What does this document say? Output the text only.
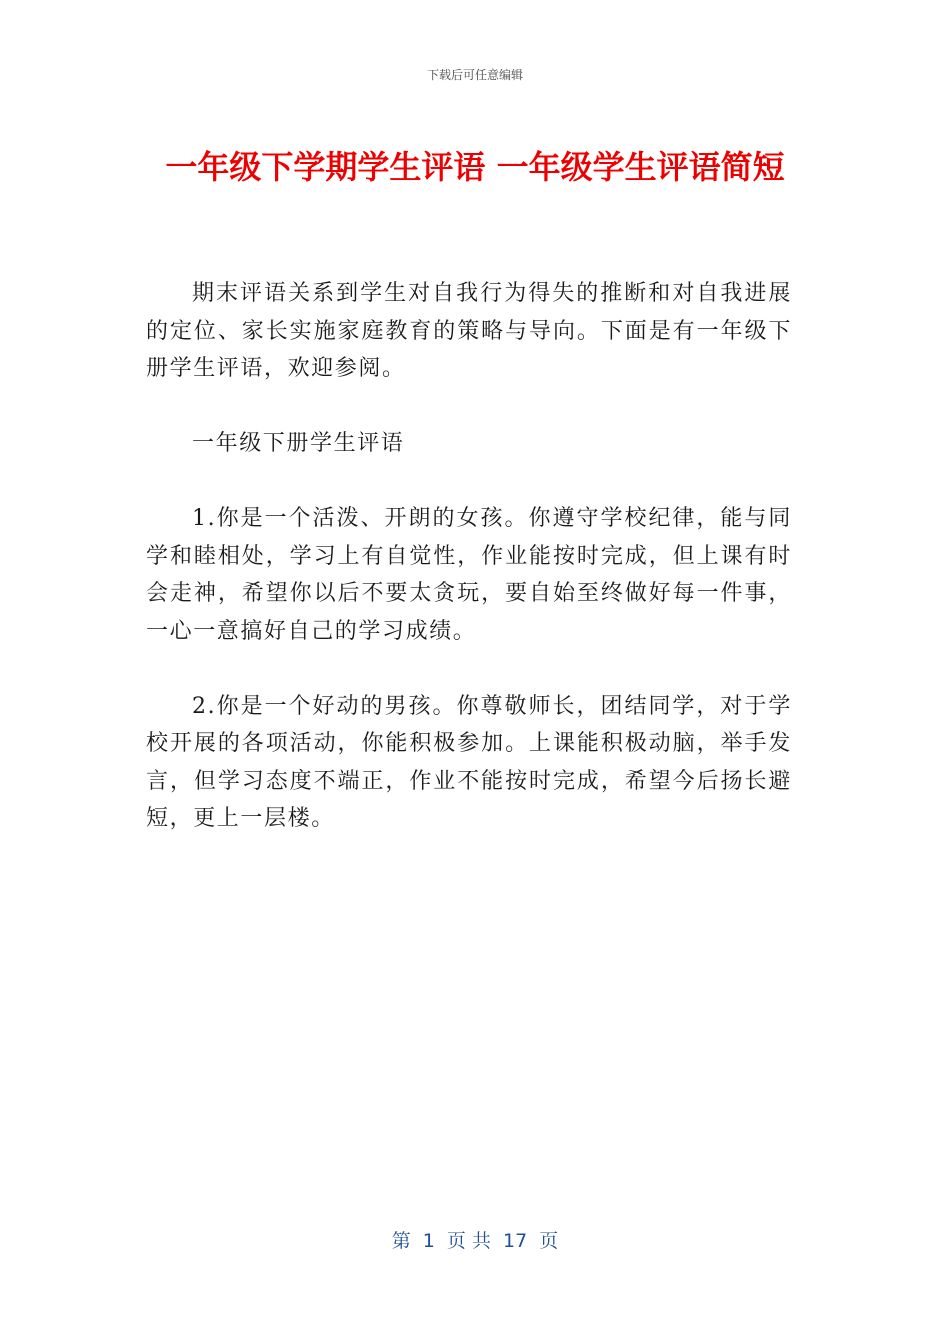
下载后可任意编辑
一年级下学期学生评语 一年级学生评语简短

期末评语关系到学生对自我行为得失的推断和对自我进展的定位、家长实施家庭教育的策略与导向。下面是有一年级下册学生评语，欢迎参阅。

一年级下册学生评语

1.你是一个活泼、开朗的女孩。你遵守学校纪律，能与同学和睦相处，学习上有自觉性，作业能按时完成，但上课有时会走神，希望你以后不要太贪玩，要自始至终做好每一件事，一心一意搞好自己的学习成绩。

2.你是一个好动的男孩。你尊敬师长，团结同学，对于学校开展的各项活动，你能积极参加。上课能积极动脑，举手发言，但学习态度不端正，作业不能按时完成，希望今后扬长避短，更上一层楼。

第  1  页 共  17  页
